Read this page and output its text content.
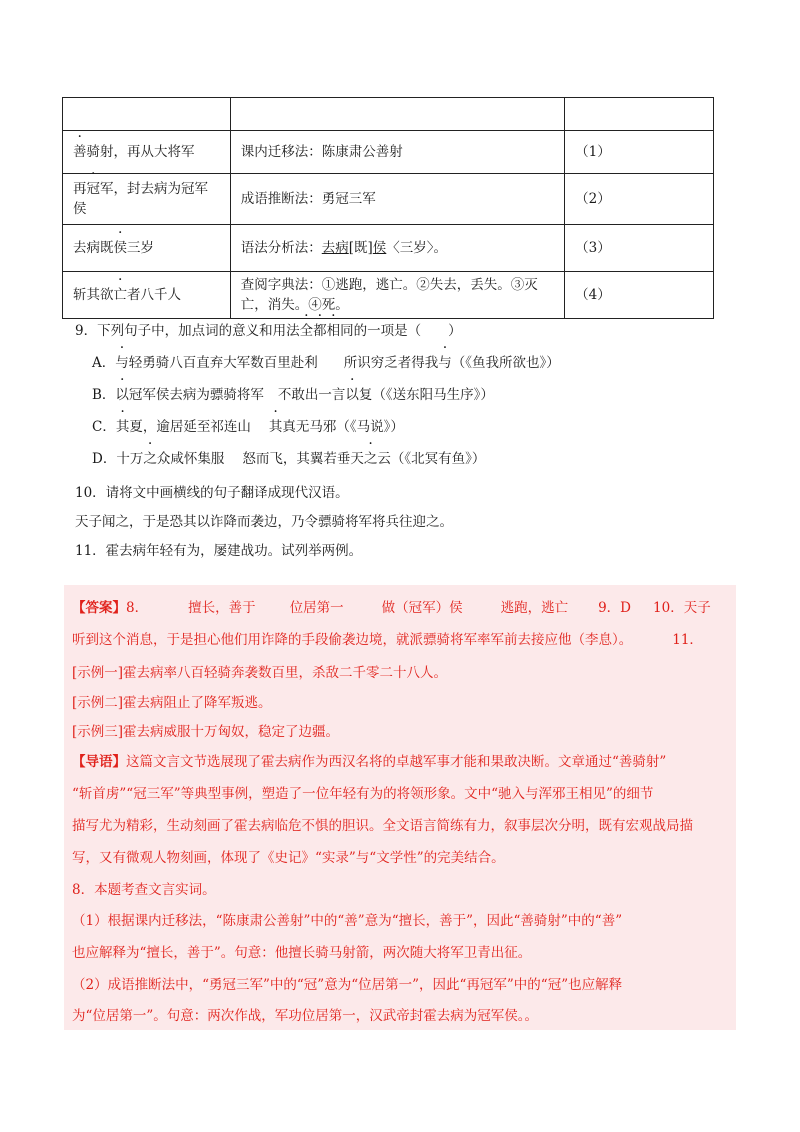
善骑射，再从大将军	课内迁移法：陈康肃公善射	（1）
再冠军，封去病为冠军
侯	成语推断法：勇冠三军	（2）
去病既侯三岁	语法分析法：去病[既]侯〈三岁〉。	（3）
斩其欲亡者八千人	查阅字典法：①逃跑，逃亡。②失去，丢失。③灭
亡，消失。④死。	（4）
9．下列句子中，加点词的意义和用法全都相同的一项是（　　）
A．与轻勇骑八百直弃大军数百里赴利 所识穷乏者得我与（《鱼我所欲也》）
B．以冠军侯去病为骠骑将军 不敢出一言以复（《送东阳马生序》）
C．其夏，逾居延至祁连山 其真无马邪（《马说》）
D．十万之众咸怀集服 怒而飞，其翼若垂天之云（《北冥有鱼》）
10．请将文中画横线的句子翻译成现代汉语。
天子闻之，于是恐其以诈降而袭边，乃令骠骑将军将兵往迎之。
11．霍去病年轻有为，屡建战功。试列举两例。
【答案】8．	擅长，善于	位居第一	做（冠军）侯	逃跑，逃亡 9．D 10．天子
听到这个消息，于是担心他们用诈降的手段偷袭边境，就派骠骑将军率军前去接应他（李息）。	11．
[示例一]霍去病率八百轻骑奔袭数百里，杀敌二千零二十八人。
[示例二]霍去病阻止了降军叛逃。
[示例三]霍去病威服十万匈奴，稳定了边疆。
【导语】这篇文言文节选展现了霍去病作为西汉名将的卓越军事才能和果敢决断。文章通过“善骑射”
“斩首虏”“冠三军”等典型事例，塑造了一位年轻有为的将领形象。文中“驰入与浑邪王相见”的细节
描写尤为精彩，生动刻画了霍去病临危不惧的胆识。全文语言简练有力，叙事层次分明，既有宏观战局描
写，又有微观人物刻画，体现了《史记》“实录”与“文学性”的完美结合。
8．本题考查文言实词。
（1）根据课内迁移法，“陈康肃公善射”中的“善”意为“擅长，善于”，因此“善骑射”中的“善”
也应解释为“擅长，善于”。句意：他擅长骑马射箭，两次随大将军卫青出征。
（2）成语推断法中，“勇冠三军”中的“冠”意为“位居第一”，因此“再冠军”中的“冠”也应解释
为“位居第一”。句意：两次作战，军功位居第一，汉武帝封霍去病为冠军侯。。
